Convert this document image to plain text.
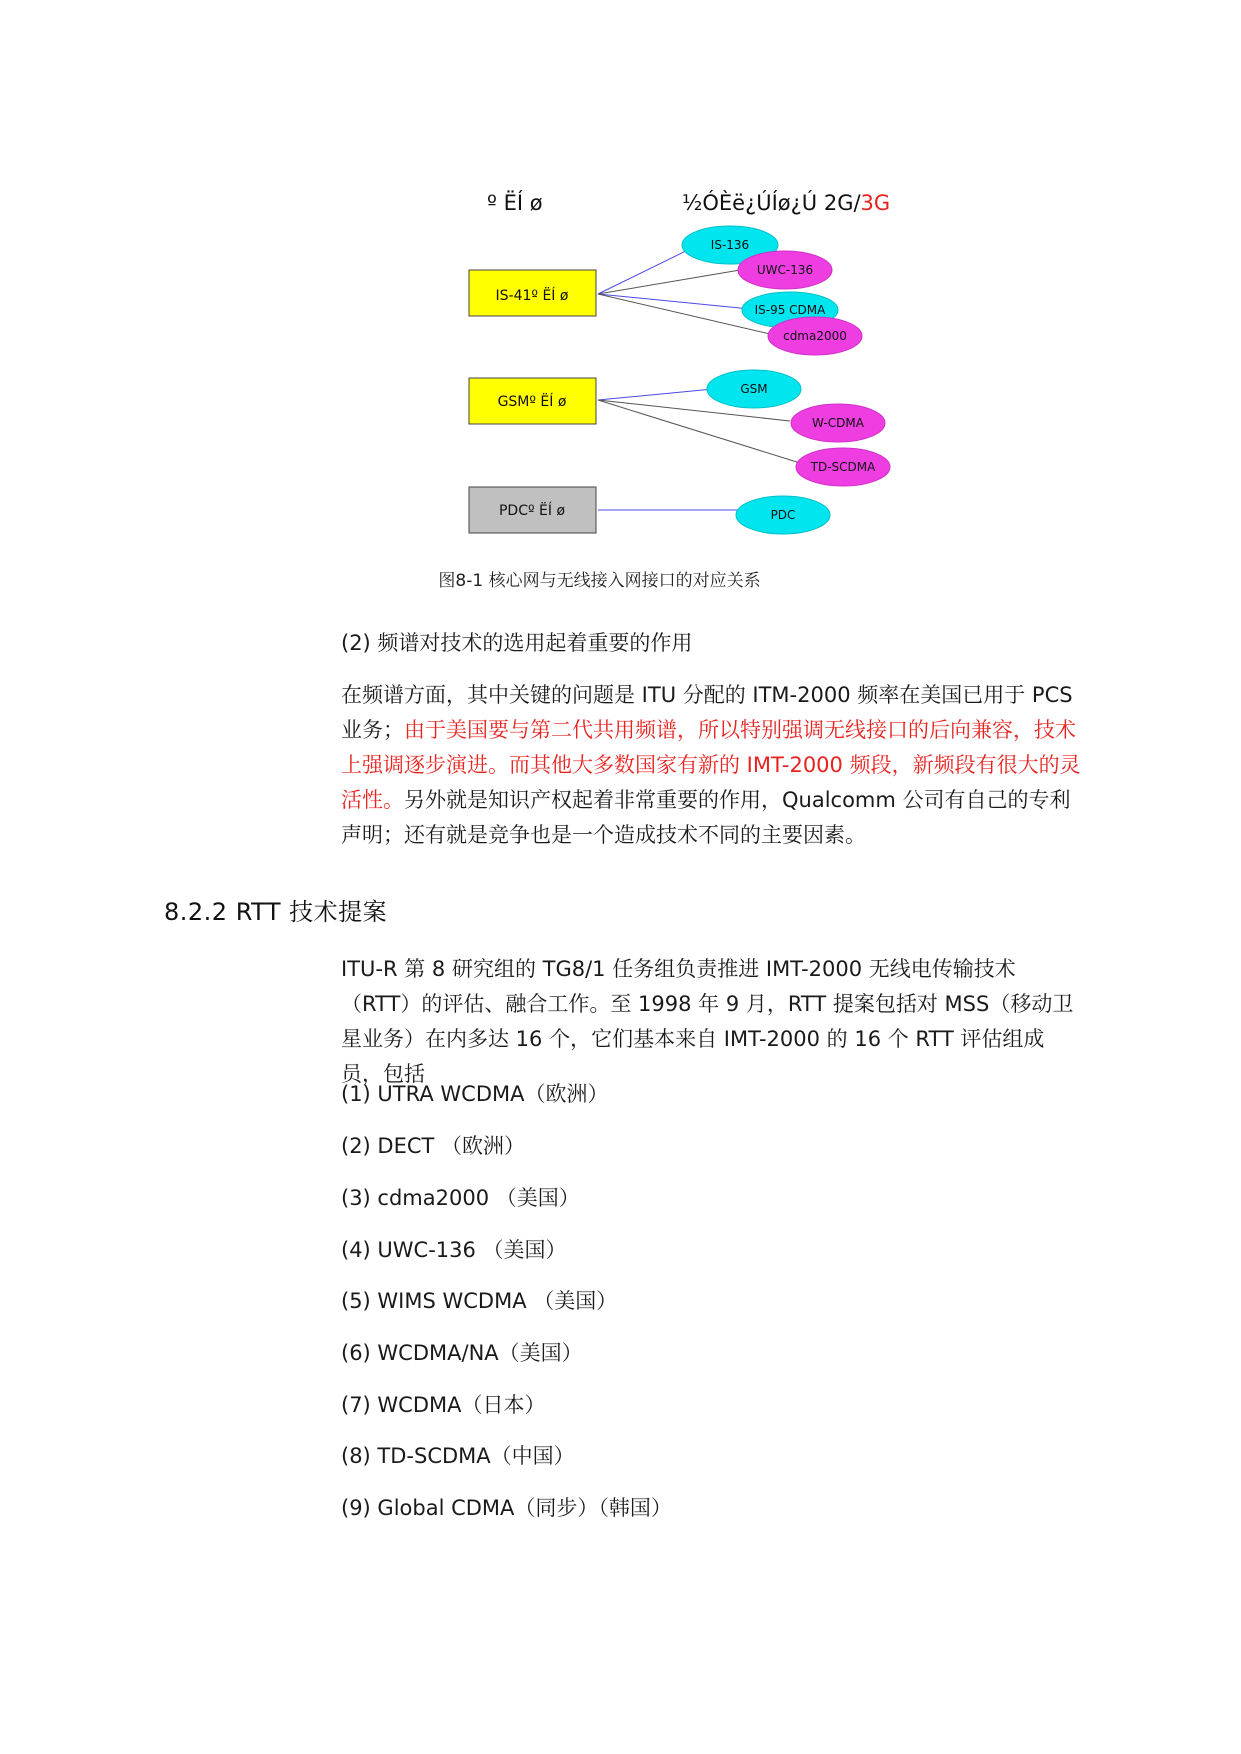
º ËÍ ø	½ÓÈë¿ÚÍø¿Ú 2G/3G
IS-41º ËÍ ø
GSMº ËÍ ø
PDCº ËÍ ø
IS-136
UWC-136
IS-95 CDMA
cdma2000
GSM
W-CDMA
TD-SCDMA
PDC
图8-1 核心网与无线接入网接口的对应关系
(2) 频谱对技术的选用起着重要的作用
在频谱方面，其中关键的问题是 ITU 分配的 ITM-2000 频率在美国已用于 PCS 业务；由于美国要与第二代共用频谱，所以特别强调无线接口的后向兼容，技术上强调逐步演进。而其他大多数国家有新的 IMT-2000 频段，新频段有很大的灵活性。另外就是知识产权起着非常重要的作用，Qualcomm 公司有自己的专利声明；还有就是竞争也是一个造成技术不同的主要因素。
8.2.2 RTT 技术提案
ITU-R 第 8 研究组的 TG8/1 任务组负责推进 IMT-2000 无线电传输技术（RTT）的评估、融合工作。至 1998 年 9 月，RTT 提案包括对 MSS（移动卫星业务）在内多达 16 个，它们基本来自 IMT-2000 的 16 个 RTT 评估组成员，包括
(1) UTRA WCDMA（欧洲）
(2) DECT （欧洲）
(3) cdma2000 （美国）
(4) UWC-136 （美国）
(5) WIMS WCDMA （美国）
(6) WCDMA/NA（美国）
(7) WCDMA（日本）
(8) TD-SCDMA（中国）
(9) Global CDMA（同步）（韩国）
